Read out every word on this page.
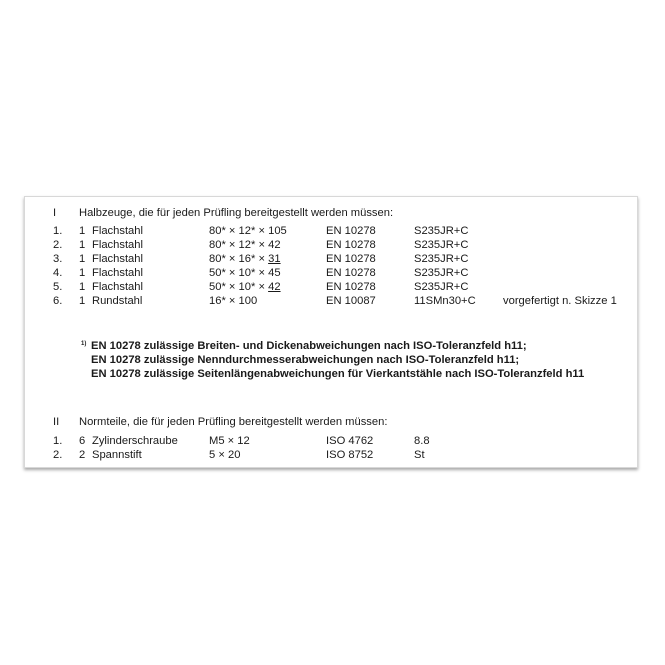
I Halbzeuge, die für jeden Prüfling bereitgestellt werden müssen:
1. 1 Flachstahl	80* × 12* × 105	EN 10278	S235JR+C
2. 1 Flachstahl	80* × 12* × 42	EN 10278	S235JR+C
3. 1 Flachstahl	80* × 16* × 31	EN 10278	S235JR+C
4. 1 Flachstahl	50* × 10* × 45	EN 10278	S235JR+C
5. 1 Flachstahl	50* × 10* × 42	EN 10278	S235JR+C
6. 1 Rundstahl	16* × 100	EN 10087	11SMn30+C vorgefertigt n. Skizze 1
1) EN 10278 zulässige Breiten- und Dickenabweichungen nach ISO-Toleranzfeld h11;
EN 10278 zulässige Nenndurchmesserabweichungen nach ISO-Toleranzfeld h11;
EN 10278 zulässige Seitenlängenabweichungen für Vierkantstähle nach ISO-Toleranzfeld h11
II Normteile, die für jeden Prüfling bereitgestellt werden müssen:
1. 6 Zylinderschraube	M5 × 12	ISO 4762	8.8
2. 2 Spannstift	5 × 20	ISO 8752	St
